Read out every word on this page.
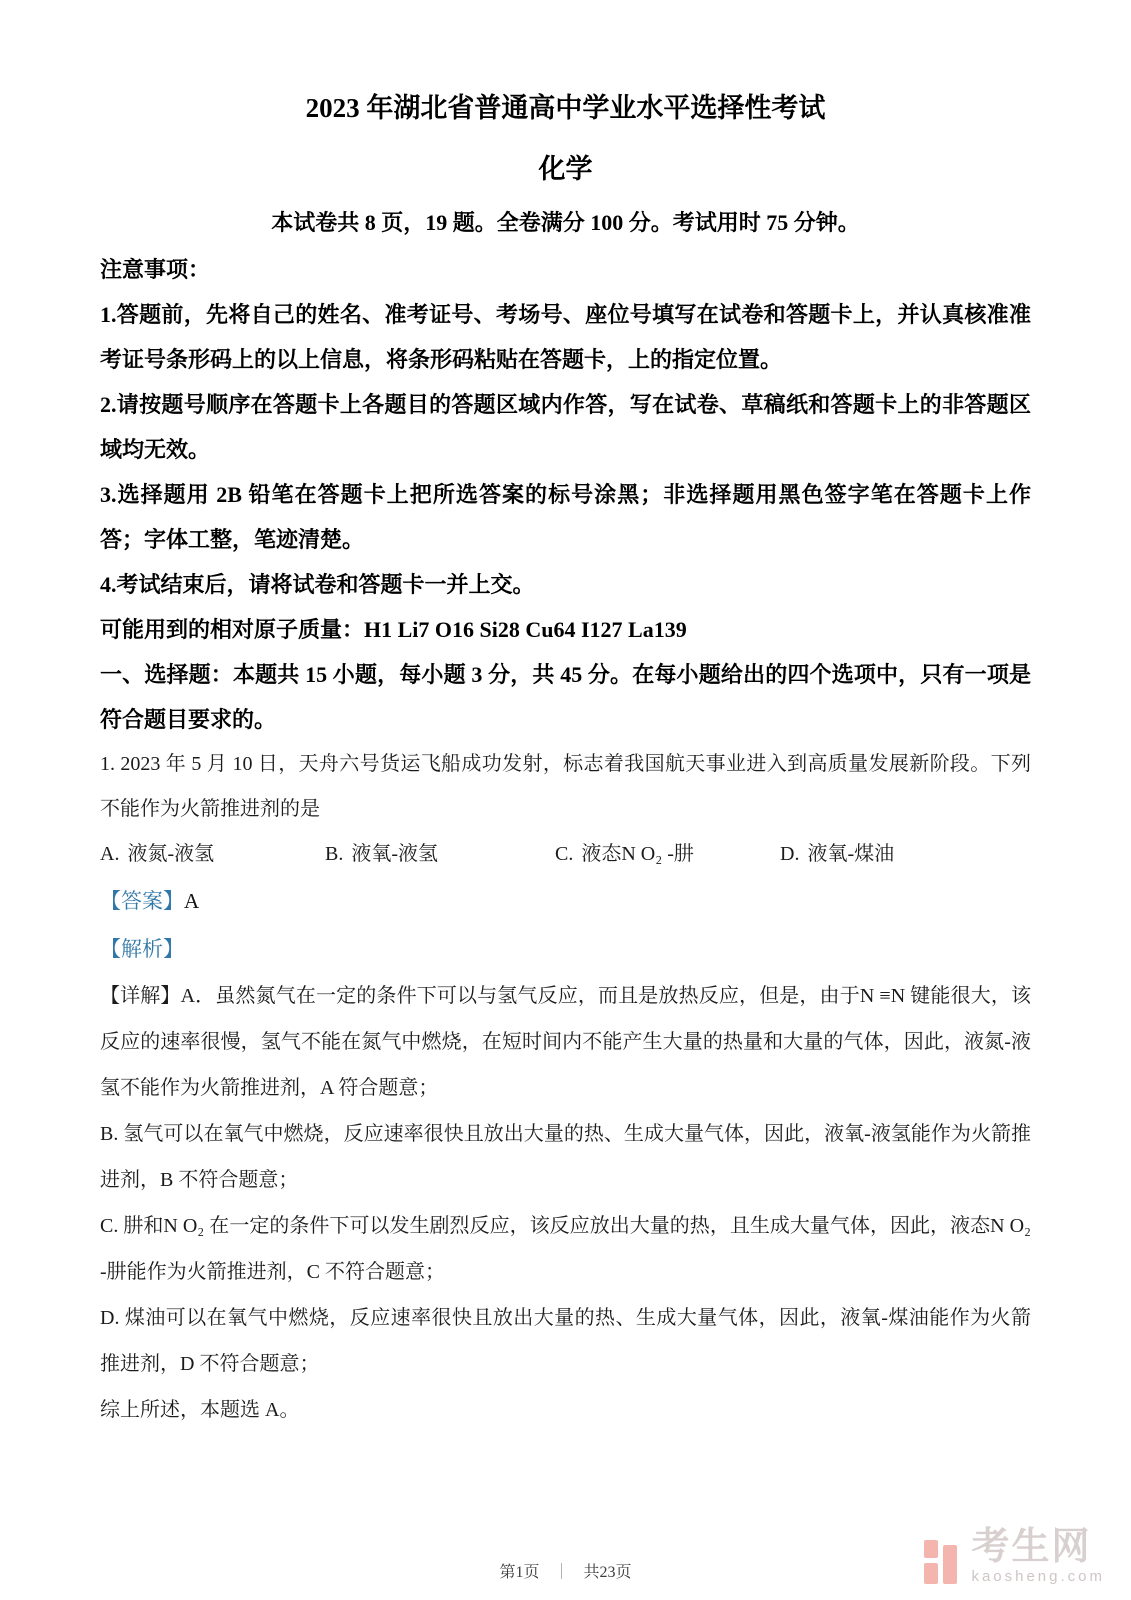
2023 年湖北省普通高中学业水平选择性考试
化学

本试卷共 8 页，19 题。全卷满分 100 分。考试用时 75 分钟。

注意事项：

1.答题前，先将自己的姓名、准考证号、考场号、座位号填写在试卷和答题卡上，并认真核准准考证号条形码上的以上信息，将条形码粘贴在答题卡，上的指定位置。

2.请按题号顺序在答题卡上各题目的答题区域内作答，写在试卷、草稿纸和答题卡上的非答题区域均无效。

3.选择题用 2B 铅笔在答题卡上把所选答案的标号涂黑；非选择题用黑色签字笔在答题卡上作答；字体工整，笔迹清楚。

4.考试结束后，请将试卷和答题卡一并上交。

可能用到的相对原子质量：H1 Li7 O16 Si28 Cu64 I127 La139

一、选择题：本题共 15 小题，每小题 3 分，共 45 分。在每小题给出的四个选项中，只有一项是符合题目要求的。

1. 2023 年 5 月 10 日，天舟六号货运飞船成功发射，标志着我国航天事业进入到高质量发展新阶段。下列不能作为火箭推进剂的是

A. 液氮-液氢	B. 液氧-液氢	C. 液态N O₂ -肼	D. 液氧-煤油

【答案】A

【解析】

【详解】A．虽然氮气在一定的条件下可以与氢气反应，而且是放热反应，但是，由于N ≡N 键能很大，该反应的速率很慢，氢气不能在氮气中燃烧，在短时间内不能产生大量的热量和大量的气体，因此，液氮-液氢不能作为火箭推进剂，A 符合题意；

B. 氢气可以在氧气中燃烧，反应速率很快且放出大量的热、生成大量气体，因此，液氧-液氢能作为火箭推进剂，B 不符合题意；

C. 肼和N O₂ 在一定的条件下可以发生剧烈反应，该反应放出大量的热，且生成大量气体，因此，液态N O₂ -肼能作为火箭推进剂，C 不符合题意；

D. 煤油可以在氧气中燃烧，反应速率很快且放出大量的热、生成大量气体，因此，液氧-煤油能作为火箭推进剂，D 不符合题意；

综上所述，本题选 A。

第1页 ｜ 共23页
考生网
kaosheng.com
